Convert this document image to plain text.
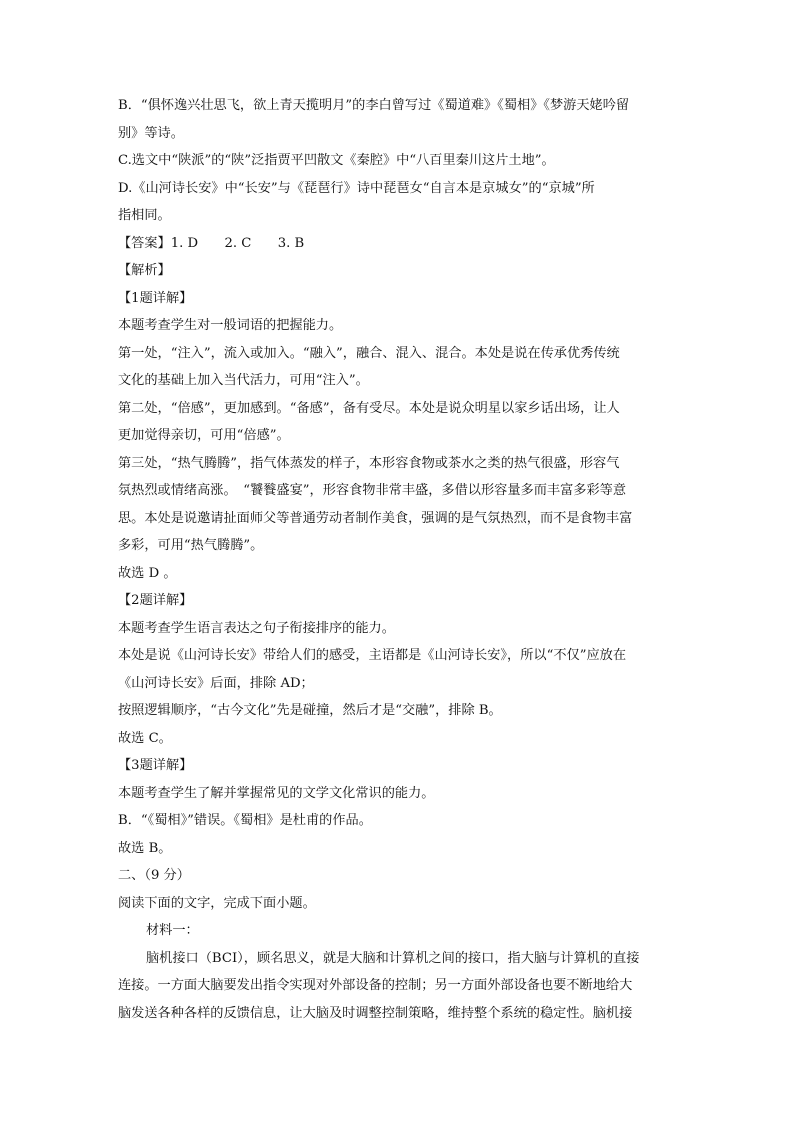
B．“俱怀逸兴壮思飞，欲上青天揽明月”的李白曾写过《蜀道难》《蜀相》《梦游天姥吟留
别》等诗。
C.选文中“陕派”的“陕”泛指贾平凹散文《秦腔》中“八百里秦川这片土地”。
D.《山河诗长安》中“长安”与《琵琶行》诗中琵琶女“自言本是京城女”的“京城”所
指相同。
【答案】1. D　　2. C　　3. B
【解析】
【1题详解】
本题考查学生对一般词语的把握能力。
第一处，“注入”，流入或加入。“融入”，融合、混入、混合。本处是说在传承优秀传统
文化的基础上加入当代活力，可用“注入”。
第二处，“倍感”，更加感到。“备感”，备有受尽。本处是说众明星以家乡话出场，让人
更加觉得亲切，可用“倍感”。
第三处，“热气腾腾”，指气体蒸发的样子，本形容食物或茶水之类的热气很盛，形容气
氛热烈或情绪高涨。　“饕餮盛宴”，形容食物非常丰盛，多借以形容量多而丰富多彩等意
思。本处是说邀请扯面师父等普通劳动者制作美食，强调的是气氛热烈，而不是食物丰富
多彩，可用“热气腾腾”。
故选 D 。
【2题详解】
本题考查学生语言表达之句子衔接排序的能力。
本处是说《山河诗长安》带给人们的感受，主语都是《山河诗长安》，所以“不仅”应放在
《山河诗长安》后面，排除 AD；
按照逻辑顺序，“古今文化”先是碰撞，然后才是“交融”，排除 B。
故选 C。
【3题详解】
本题考查学生了解并掌握常见的文学文化常识的能力。
B．“《蜀相》”错误。《蜀相》是杜甫的作品。
故选 B。
二、（9 分）
阅读下面的文字，完成下面小题。
材料一：
脑机接口（BCI），顾名思义，就是大脑和计算机之间的接口，指大脑与计算机的直接
连接。一方面大脑要发出指令实现对外部设备的控制；另一方面外部设备也要不断地给大
脑发送各种各样的反馈信息，让大脑及时调整控制策略，维持整个系统的稳定性。脑机接
